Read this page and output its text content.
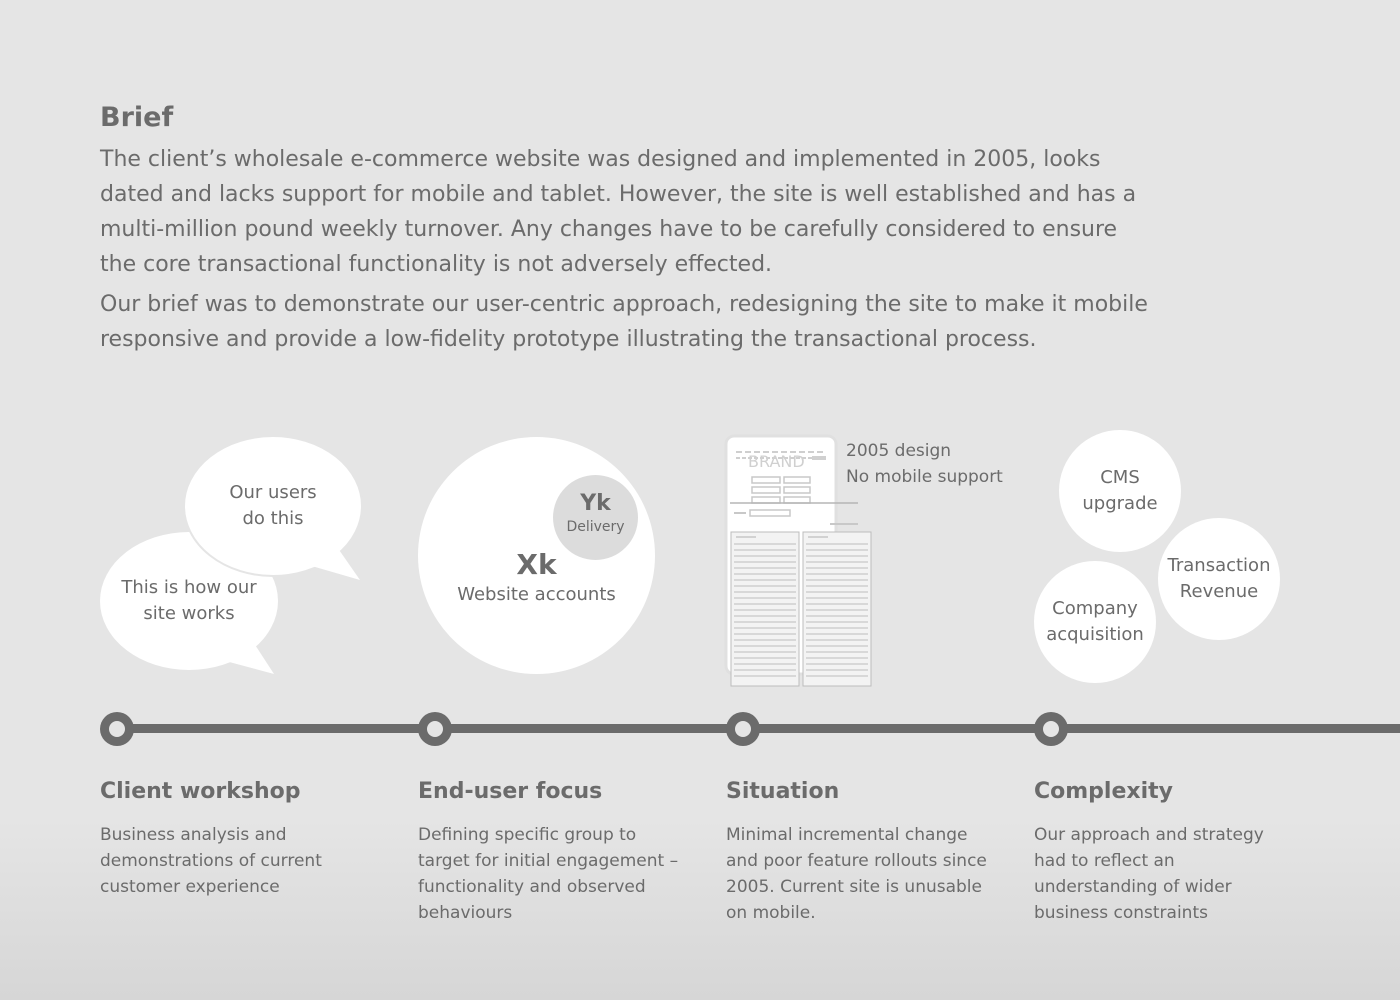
Brief

The client’s wholesale e-commerce website was designed and implemented in 2005, looks dated and lacks support for mobile and tablet. However, the site is well established and has a multi-million pound weekly turnover. Any changes have to be carefully considered to ensure the core transactional functionality is not adversely effected.

Our brief was to demonstrate our user-centric approach, redesigning the site to make it mobile responsive and provide a low-fidelity prototype illustrating the transactional process.

Our users
do this
This is how our
site works
Xk
Website accounts
Yk
Delivery
BRAND
2005 design
No mobile support	CMS
upgrade
Transaction
Revenue
Company
acquisition
Client workshop

Business analysis and demonstrations of current customer experience

End-user focus

Defining specific group to target for initial engagement – functionality and observed behaviours

Situation

Minimal incremental change and poor feature rollouts since 2005. Current site is unusable on mobile.

Complexity

Our approach and strategy had to reflect an understanding of wider business constraints
